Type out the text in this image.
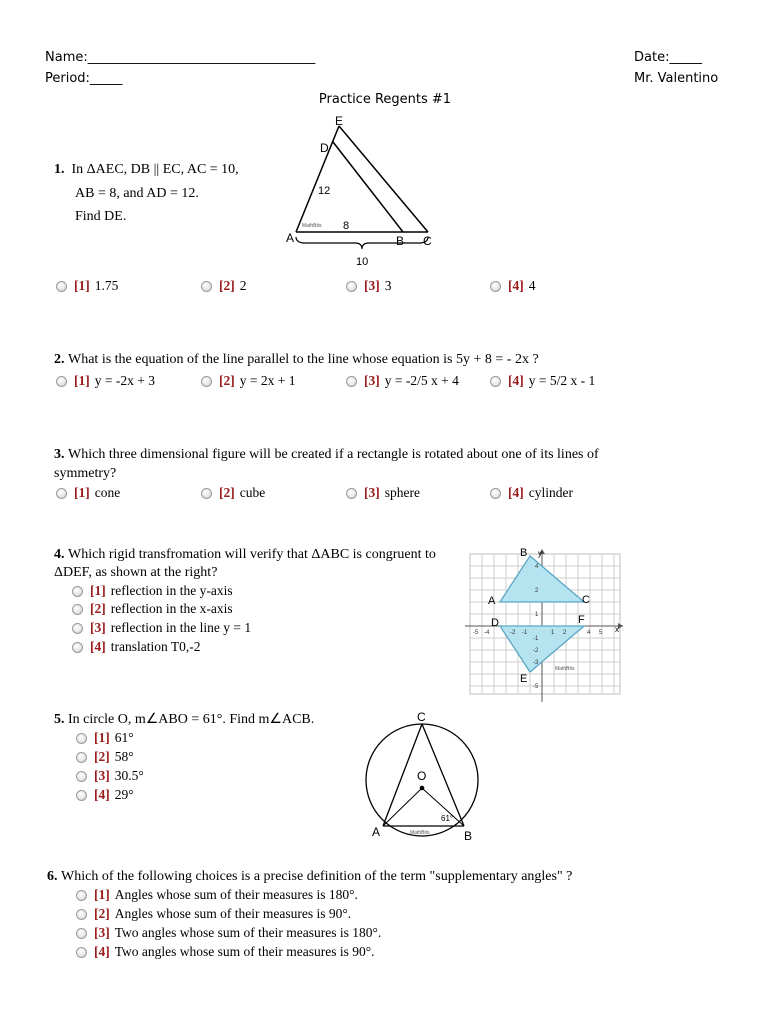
Name:___________________________________	Date:_____
Period:_____	Mr. Valentino
Practice Regents #1
1. In ΔAEC, DB || EC, AC = 10,
AB = 8, and AD = 12.
Find DE.
E
D
A	B C
12
8
10
MathBits
[1] 1.75	[2] 2	[3] 3	[4] 4
2. What is the equation of the line parallel to the line whose equation is 5y + 8 = - 2x ?
[1] y = -2x + 3	[2] y = 2x + 1	[3] y = -2/5 x + 4	[4] y = 5/2 x - 1
3. Which three dimensional figure will be created if a rectangle is rotated about one of its lines of symmetry?
[1] cone	[2] cube	[3] sphere	[4] cylinder
4. Which rigid transfromation will verify that ΔABC is congruent to
ΔDEF, as shown at the right?
[1] reflection in the y-axis
[2] reflection in the x-axis
[3] reflection in the line y = 1
[4] translation T0,-2
-5 -4	-2 -1	1 2	4 5
4
2
1
-1
-2
-3
-5
B
A	C
D	F
E
x
y
MathBits
5. In circle O, m∠ABO = 61°. Find m∠ACB.
[1] 61°
[2] 58°
[3] 30.5°
[4] 29°
C
O
A	B
61°
MathBits
6. Which of the following choices is a precise definition of the term "supplementary angles" ?
[1] Angles whose sum of their measures is 180°.
[2] Angles whose sum of their measures is 90°.
[3] Two angles whose sum of their measures is 180°.
[4] Two angles whose sum of their measures is 90°.
